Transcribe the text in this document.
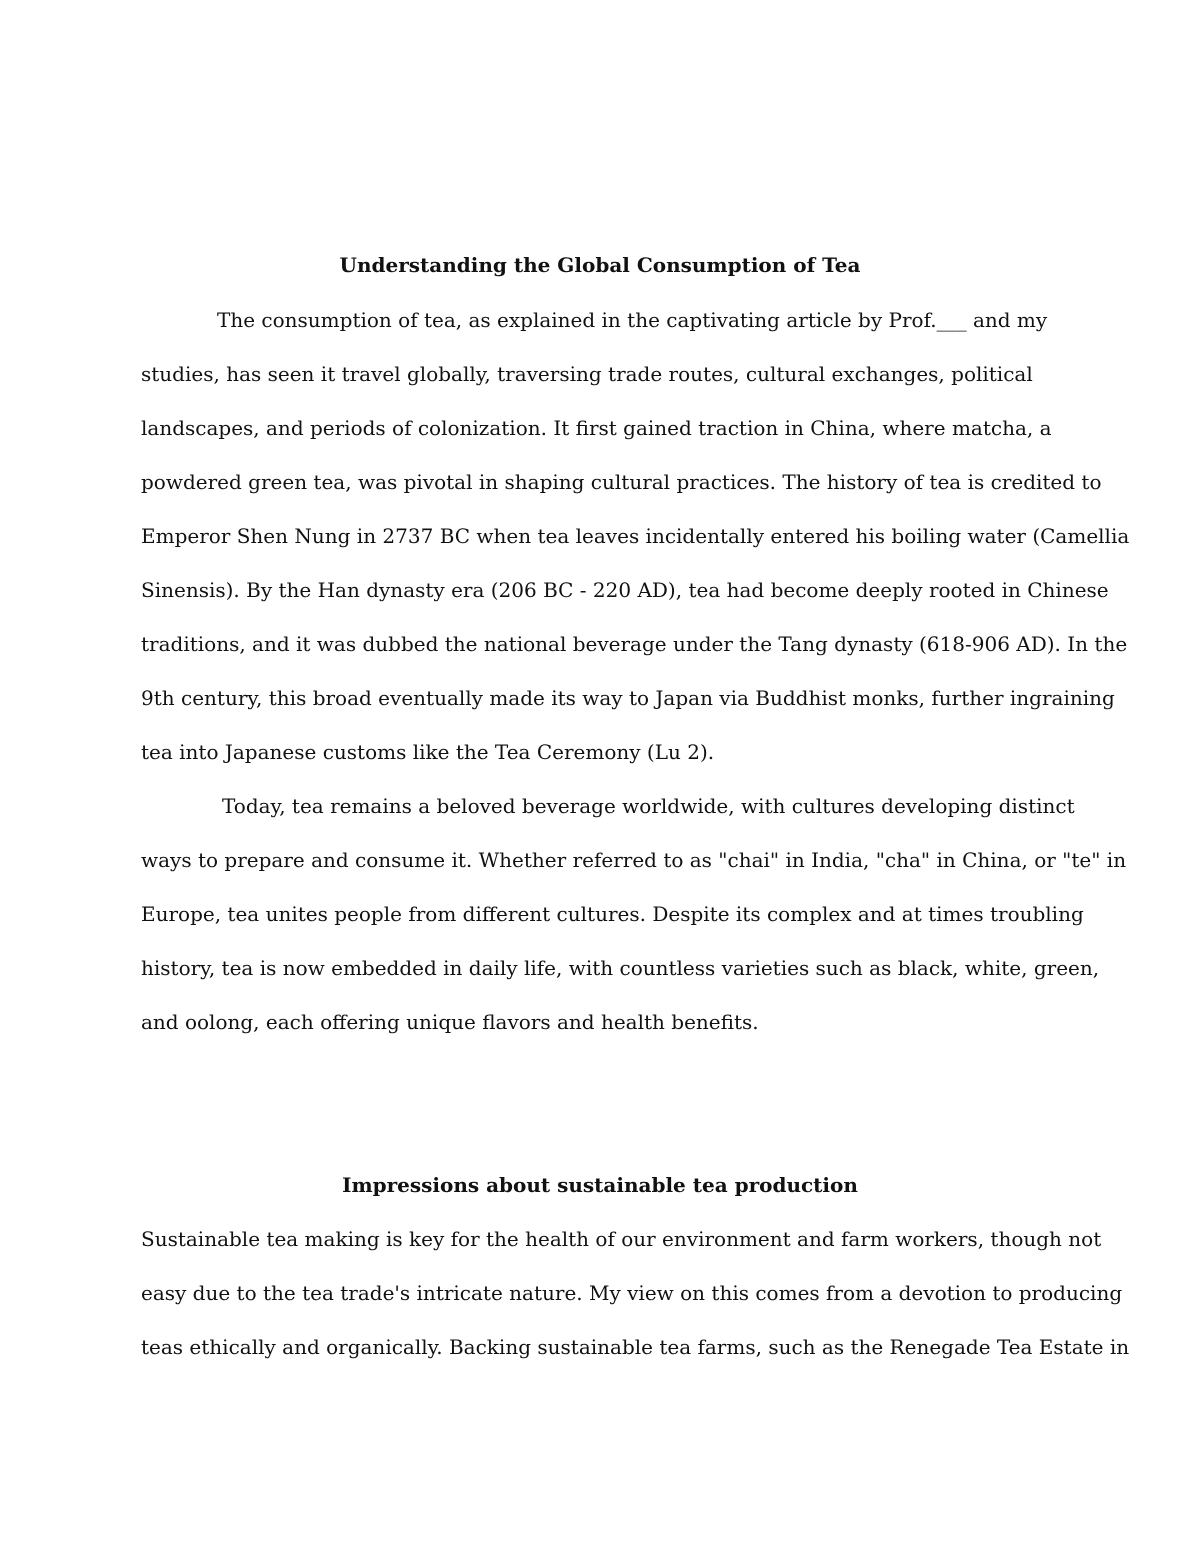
Understanding the Global Consumption of Tea
The consumption of tea, as explained in the captivating article by Prof.___ and my
studies, has seen it travel globally, traversing trade routes, cultural exchanges, political
landscapes, and periods of colonization. It first gained traction in China, where matcha, a
powdered green tea, was pivotal in shaping cultural practices. The history of tea is credited to
Emperor Shen Nung in 2737 BC when tea leaves incidentally entered his boiling water (Camellia
Sinensis). By the Han dynasty era (206 BC - 220 AD), tea had become deeply rooted in Chinese
traditions, and it was dubbed the national beverage under the Tang dynasty (618-906 AD). In the
9th century, this broad eventually made its way to Japan via Buddhist monks, further ingraining
tea into Japanese customs like the Tea Ceremony (Lu 2).
Today, tea remains a beloved beverage worldwide, with cultures developing distinct
ways to prepare and consume it. Whether referred to as "chai" in India, "cha" in China, or "te" in
Europe, tea unites people from different cultures. Despite its complex and at times troubling
history, tea is now embedded in daily life, with countless varieties such as black, white, green,
and oolong, each offering unique flavors and health benefits.
Impressions about sustainable tea production
Sustainable tea making is key for the health of our environment and farm workers, though not
easy due to the tea trade's intricate nature. My view on this comes from a devotion to producing
teas ethically and organically. Backing sustainable tea farms, such as the Renegade Tea Estate in
